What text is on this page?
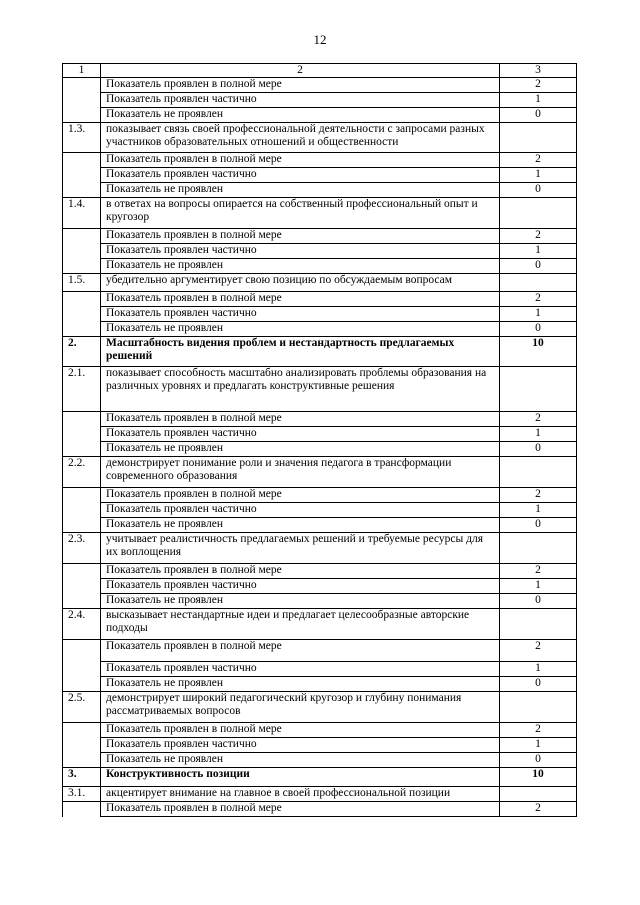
12
1	2	3
	Показатель проявлен в полной мере	2
	Показатель проявлен частично	1
	Показатель не проявлен	0
1.3.	показывает связь своей профессиональной деятельности с запросами разных участников образовательных отношений и общественности	
	Показатель проявлен в полной мере	2
	Показатель проявлен частично	1
	Показатель не проявлен	0
1.4.	в ответах на вопросы опирается на собственный профессиональный опыт и кругозор	
	Показатель проявлен в полной мере	2
	Показатель проявлен частично	1
	Показатель не проявлен	0
1.5.	убедительно аргументирует свою позицию по обсуждаемым вопросам	
	Показатель проявлен в полной мере	2
	Показатель проявлен частично	1
	Показатель не проявлен	0
2.	Масштабность видения проблем и нестандартность предлагаемых решений	10
2.1.	показывает способность масштабно анализировать проблемы образования на различных уровнях и предлагать конструктивные решения	
	Показатель проявлен в полной мере	2
	Показатель проявлен частично	1
	Показатель не проявлен	0
2.2.	демонстрирует понимание роли и значения педагога в трансформации современного образования	
	Показатель проявлен в полной мере	2
	Показатель проявлен частично	1
	Показатель не проявлен	0
2.3.	учитывает реалистичность предлагаемых решений и требуемые ресурсы для их воплощения	
	Показатель проявлен в полной мере	2
	Показатель проявлен частично	1
	Показатель не проявлен	0
2.4.	высказывает нестандартные идеи и предлагает целесообразные авторские подходы	
	Показатель проявлен в полной мере	2
	Показатель проявлен частично	1
	Показатель не проявлен	0
2.5.	демонстрирует широкий педагогический кругозор и глубину понимания рассматриваемых вопросов	
	Показатель проявлен в полной мере	2
	Показатель проявлен частично	1
	Показатель не проявлен	0
3.	Конструктивность позиции	10
3.1.	акцентирует внимание на главное в своей профессиональной позиции	
	Показатель проявлен в полной мере	2
